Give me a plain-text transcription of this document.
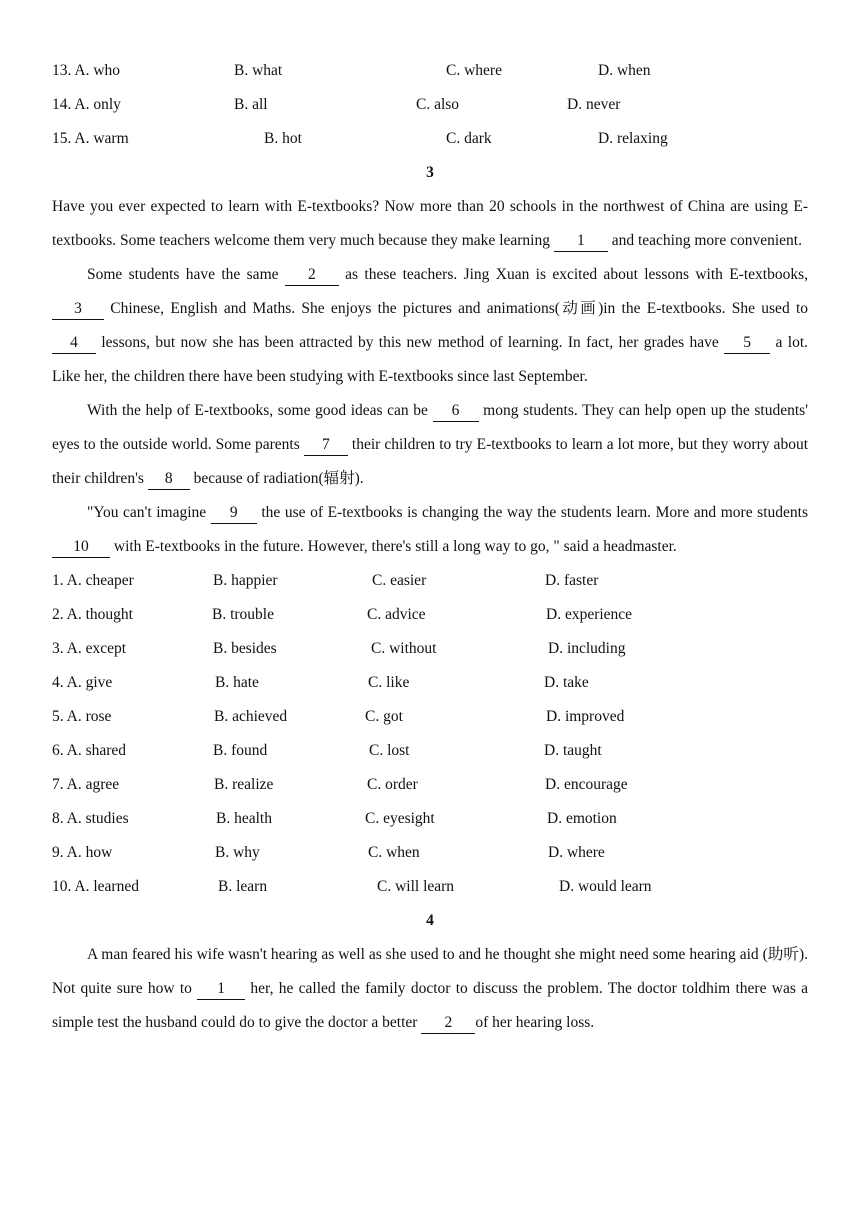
13. A. who	B. what	C. where	D. when
14. A. only	B. all	C. also	D. never
15. A. warm	B. hot	C. dark	D. relaxing
3

Have you ever expected to learn with E-textbooks? Now more than 20 schools in the northwest of China are using E-textbooks. Some teachers welcome them very much because they make learning 1 and teaching more convenient.

Some students have the same 2 as these teachers. Jing Xuan is excited about lessons with E-textbooks, 3 Chinese, English and Maths. She enjoys the pictures and animations(动画)in the E-textbooks. She used to 4 lessons, but now she has been attracted by this new method of learning. In fact, her grades have 5 a lot. Like her, the children there have been studying with E-textbooks since last September.

With the help of E-textbooks, some good ideas can be 6 mong students. They can help open up the students' eyes to the outside world. Some parents 7 their children to try E-textbooks to learn a lot more, but they worry about their children's 8 because of radiation(辐射).

"You can't imagine 9 the use of E-textbooks is changing the way the students learn. More and more students 10 with E-textbooks in the future. However, there's still a long way to go, " said a headmaster.

1. A. cheaper	B. happier	C. easier	D. faster
2. A. thought	B. trouble	C. advice	D. experience
3. A. except	B. besides	C. without	D. including
4. A. give	B. hate	C. like	D. take
5. A. rose	B. achieved	C. got	D. improved
6. A. shared	B. found	C. lost	D. taught
7. A. agree	B. realize	C. order	D. encourage
8. A. studies	B. health	C. eyesight	D. emotion
9. A. how	B. why	C. when	D. where
10. A. learned	B. learn	C. will learn	D. would learn
4

A man feared his wife wasn't hearing as well as she used to and he thought she might need some hearing aid (助听). Not quite sure how to 1 her, he called the family doctor to discuss the problem. The doctor toldhim there was a simple test the husband could do to give the doctor a better 2 of her hearing loss.
